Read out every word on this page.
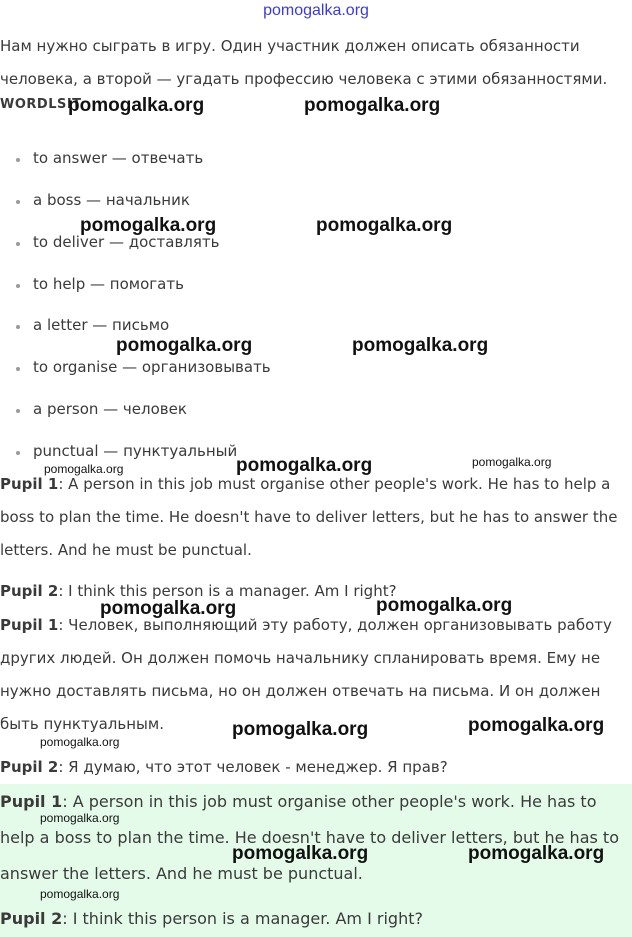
pomogalka.org

Нам нужно сыграть в игру. Один участник должен описать обязанности человека, а второй — угадать профессию человека с этими обязанностями.

WORDLSIT
to answer — отвечать
a boss — начальник
to deliver — доставлять
to help — помогать
a letter — письмо
to organise — организовывать
a person — человек
punctual — пунктуальный

Pupil 1: A person in this job must organise other people's work. He has to help a boss to plan the time. He doesn't have to deliver letters, but he has to answer the letters. And he must be punctual.

Pupil 2: I think this person is a manager. Am I right?

Pupil 1: Человек, выполняющий эту работу, должен организовывать работу других людей. Он должен помочь начальнику спланировать время. Ему не нужно доставлять письма, но он должен отвечать на письма. И он должен быть пунктуальным.

Pupil 2: Я думаю, что этот человек - менеджер. Я прав?

Pupil 1: A person in this job must organise other people's work. He has to help a boss to plan the time. He doesn't have to deliver letters, but he has to answer the letters. And he must be punctual.

Pupil 2: I think this person is a manager. Am I right?

pomogalka.org	pomogalka.org
pomogalka.org	pomogalka.org
pomogalka.org	pomogalka.org
pomogalka.org	pomogalka.org	pomogalka.org
pomogalka.org	pomogalka.org
pomogalka.org	pomogalka.org
pomogalka.org
pomogalka.org
pomogalka.org	pomogalka.org
pomogalka.org
